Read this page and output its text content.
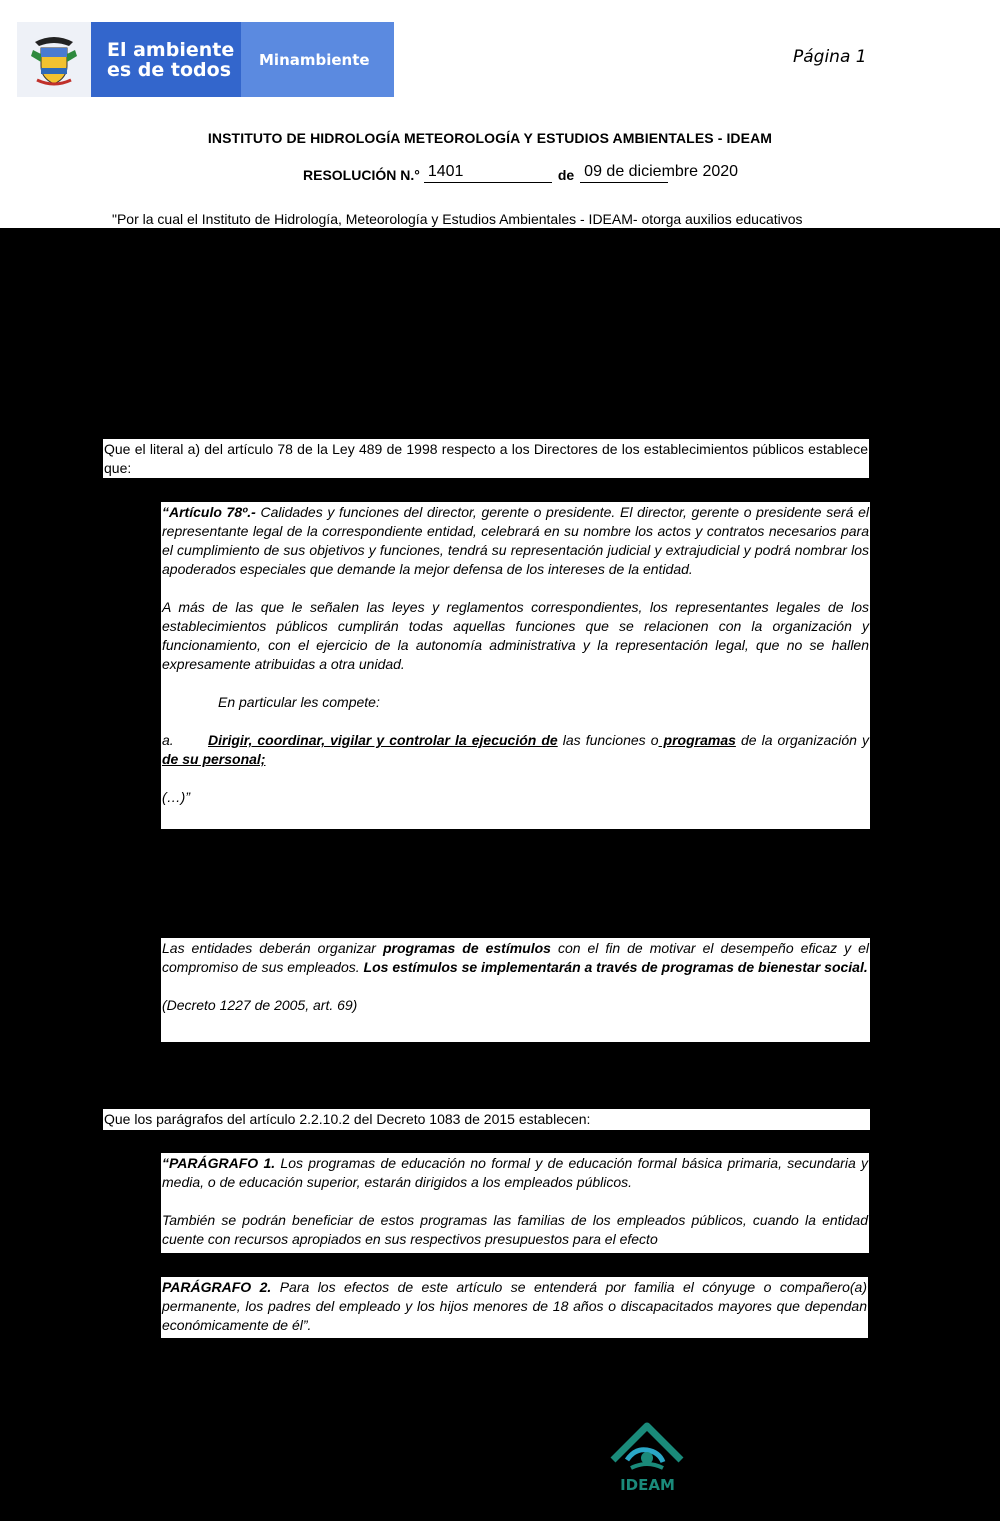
El ambiente
es de todos	Minambiente	Página 1
INSTITUTO DE HIDROLOGÍA METEOROLOGÍA Y ESTUDIOS AMBIENTALES - IDEAM
RESOLUCIÓN N.° 1401	de 09 de diciembre 2020
"Por la cual el Instituto de Hidrología, Meteorología y Estudios Ambientales - IDEAM- otorga auxilios educativos
Que el literal a) del artículo 78 de la Ley 489 de 1998 respecto a los Directores de los establecimientos públicos establece que:

“Artículo 78º.- Calidades y funciones del director, gerente o presidente. El director, gerente o presidente será el representante legal de la correspondiente entidad, celebrará en su nombre los actos y contratos necesarios para el cumplimiento de sus objetivos y funciones, tendrá su representación judicial y extrajudicial y podrá nombrar los apoderados especiales que demande la mejor defensa de los intereses de la entidad.

A más de las que le señalen las leyes y reglamentos correspondientes, los representantes legales de los establecimientos públicos cumplirán todas aquellas funciones que se relacionen con la organización y funcionamiento, con el ejercicio de la autonomía administrativa y la representación legal, que no se hallen expresamente atribuidas a otra unidad.

En particular les compete:

a. Dirigir, coordinar, vigilar y controlar la ejecución de las funciones o programas de la organización y de su personal;

(…)”

Las entidades deberán organizar programas de estímulos con el fin de motivar el desempeño eficaz y el compromiso de sus empleados. Los estímulos se implementarán a través de programas de bienestar social.

(Decreto 1227 de 2005, art. 69)

Que los parágrafos del artículo 2.2.10.2 del Decreto 1083 de 2015 establecen:

“PARÁGRAFO 1. Los programas de educación no formal y de educación formal básica primaria, secundaria y media, o de educación superior, estarán dirigidos a los empleados públicos.

También se podrán beneficiar de estos programas las familias de los empleados públicos, cuando la entidad cuente con recursos apropiados en sus respectivos presupuestos para el efecto

PARÁGRAFO 2. Para los efectos de este artículo se entenderá por familia el cónyuge o compañero(a) permanente, los padres del empleado y los hijos menores de 18 años o discapacitados mayores que dependan económicamente de él”.

IDEAM
